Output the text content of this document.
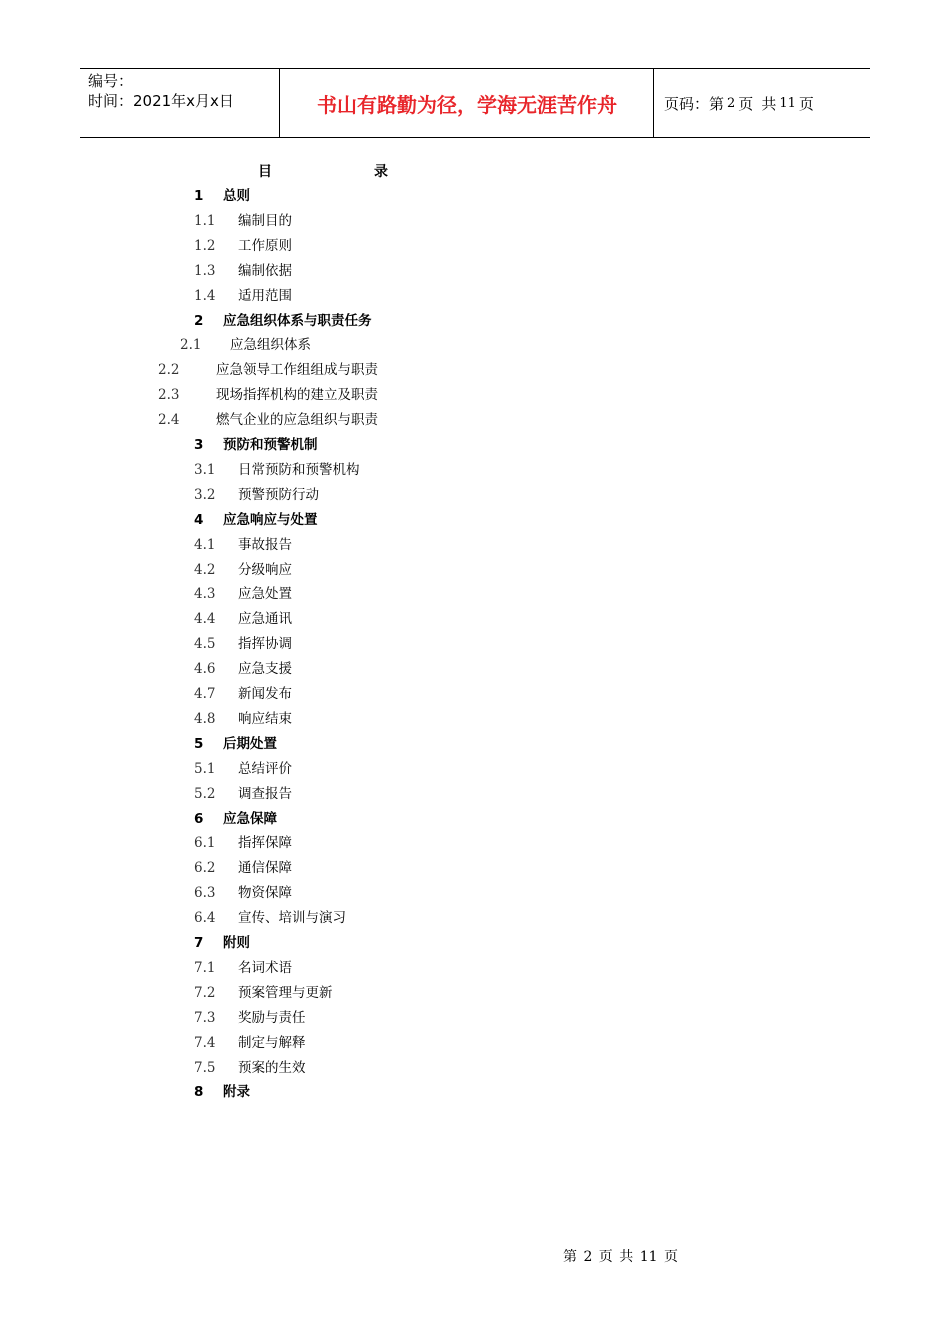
编号：
时间：2021年x月x日	书山有路勤为径，学海无涯苦作舟	页码：第 2 页 共 11 页
目	录
1 总则
1.1 编制目的
1.2 工作原则
1.3 编制依据
1.4 适用范围
2 应急组织体系与职责任务
2.1 应急组织体系
2.2	应急领导工作组组成与职责
2.3	现场指挥机构的建立及职责
2.4	燃气企业的应急组织与职责
3 预防和预警机制
3.1 日常预防和预警机构
3.2 预警预防行动
4 应急响应与处置
4.1 事故报告
4.2 分级响应
4.3 应急处置
4.4 应急通讯
4.5 指挥协调
4.6 应急支援
4.7 新闻发布
4.8 响应结束
5 后期处置
5.1 总结评价
5.2 调查报告
6 应急保障
6.1 指挥保障
6.2 通信保障
6.3 物资保障
6.4 宣传、培训与演习
7 附则
7.1 名词术语
7.2 预案管理与更新
7.3 奖励与责任
7.4 制定与解释
7.5 预案的生效
8 附录
第 2 页 共 11 页
